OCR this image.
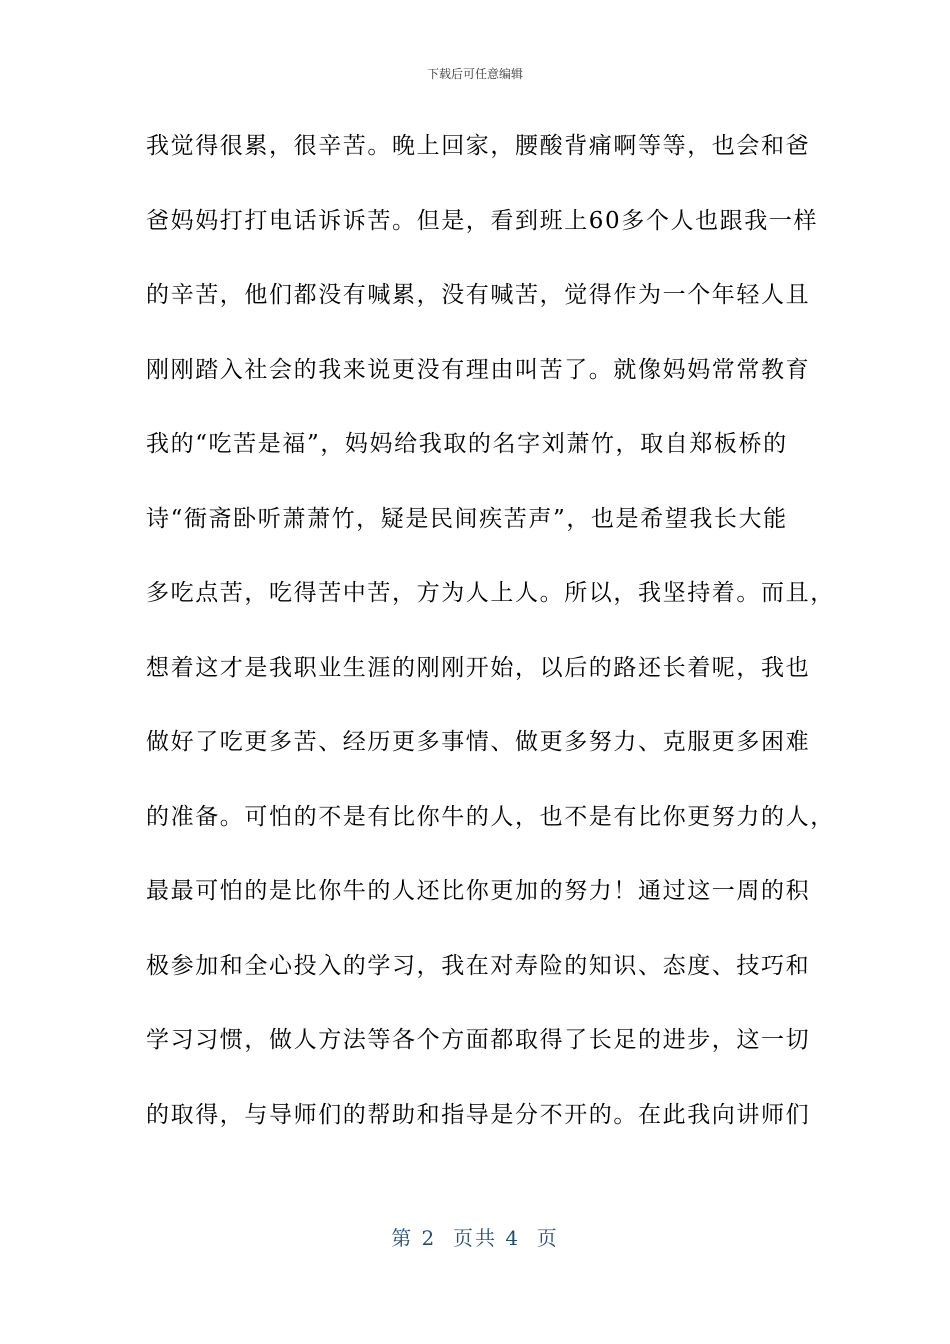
下载后可任意编辑
我觉得很累，很辛苦。晚上回家，腰酸背痛啊等等，也会和爸
爸妈妈打打电话诉诉苦。但是，看到班上60多个人也跟我一样
的辛苦，他们都没有喊累，没有喊苦，觉得作为一个年轻人且
刚刚踏入社会的我来说更没有理由叫苦了。就像妈妈常常教育
我的“吃苦是福”，妈妈给我取的名字刘萧竹，取自郑板桥的
诗“衙斋卧听萧萧竹，疑是民间疾苦声”，也是希望我长大能
多吃点苦，吃得苦中苦，方为人上人。所以，我坚持着。而且，
想着这才是我职业生涯的刚刚开始，以后的路还长着呢，我也
做好了吃更多苦、经历更多事情、做更多努力、克服更多困难
的准备。可怕的不是有比你牛的人，也不是有比你更努力的人，
最最可怕的是比你牛的人还比你更加的努力！通过这一周的积
极参加和全心投入的学习，我在对寿险的知识、态度、技巧和
学习习惯，做人方法等各个方面都取得了长足的进步，这一切
的取得，与导师们的帮助和指导是分不开的。在此我向讲师们
第 2  页共 4  页
